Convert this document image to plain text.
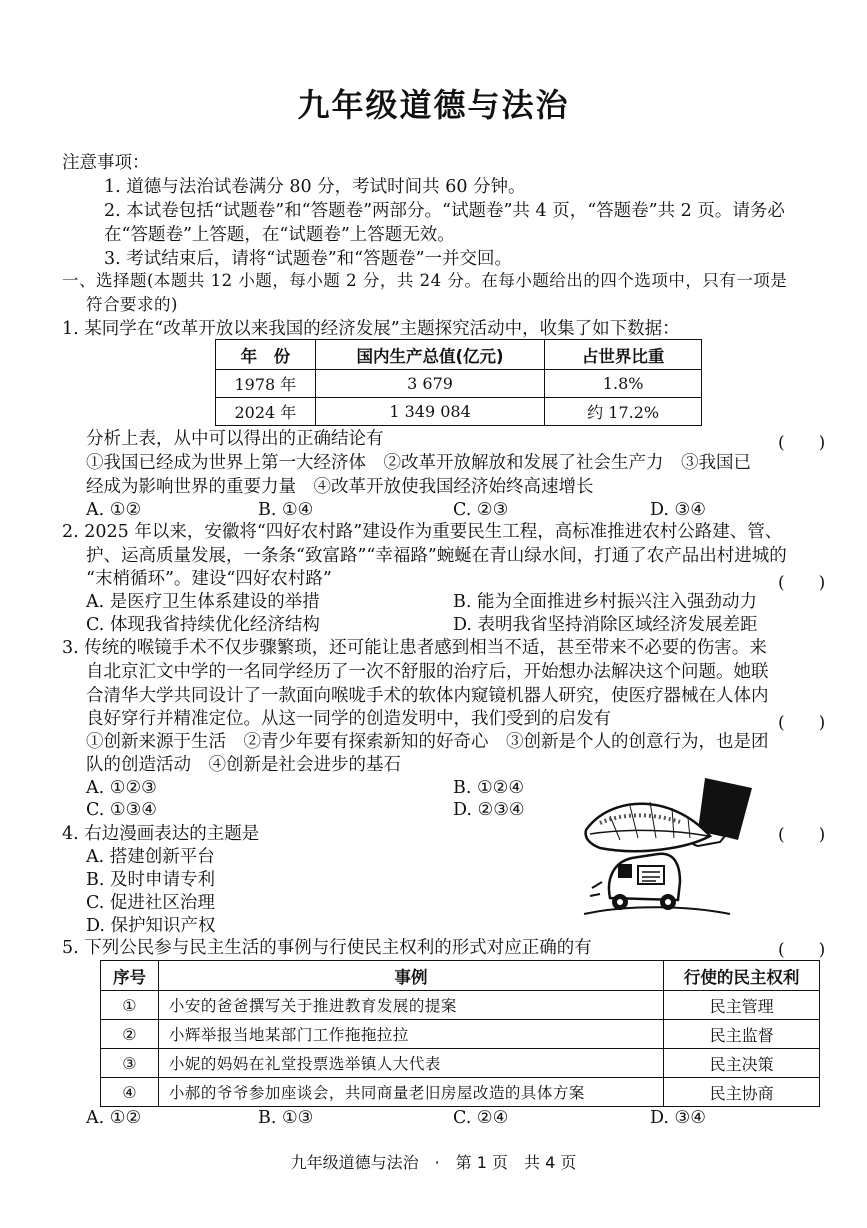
九年级道德与法治
注意事项：
1. 道德与法治试卷满分 80 分，考试时间共 60 分钟。
2. 本试卷包括“试题卷”和“答题卷”两部分。“试题卷”共 4 页，“答题卷”共 2 页。请务必
在“答题卷”上答题，在“试题卷”上答题无效。
3. 考试结束后，请将“试题卷”和“答题卷”一并交回。
一、选择题(本题共 12 小题，每小题 2 分，共 24 分。在每小题给出的四个选项中，只有一项是
符合要求的)
1. 某同学在“改革开放以来我国的经济发展”主题探究活动中，收集了如下数据：
年　份	国内生产总值(亿元)	占世界比重
1978 年	3 679	1.8%
2024 年	1 349 084	约 17.2%
分析上表，从中可以得出的正确结论有	(　　)
①我国已经成为世界上第一大经济体　②改革开放解放和发展了社会生产力　③我国已
经成为影响世界的重要力量　④改革开放使我国经济始终高速增长
A. ①②	B. ①④	C. ②③	D. ③④
2. 2025 年以来，安徽将“四好农村路”建设作为重要民生工程，高标准推进农村公路建、管、
护、运高质量发展，一条条“致富路”“幸福路”蜿蜒在青山绿水间，打通了农产品出村进城的
“末梢循环”。建设“四好农村路”	(　　)
A. 是医疗卫生体系建设的举措	B. 能为全面推进乡村振兴注入强劲动力
C. 体现我省持续优化经济结构	D. 表明我省坚持消除区域经济发展差距
3. 传统的喉镜手术不仅步骤繁琐，还可能让患者感到相当不适，甚至带来不必要的伤害。来
自北京汇文中学的一名同学经历了一次不舒服的治疗后，开始想办法解决这个问题。她联
合清华大学共同设计了一款面向喉咙手术的软体内窥镜机器人研究，使医疗器械在人体内
良好穿行并精准定位。从这一同学的创造发明中，我们受到的启发有	(　　)
①创新来源于生活　②青少年要有探索新知的好奇心　③创新是个人的创意行为，也是团
队的创造活动　④创新是社会进步的基石
A. ①②③	B. ①②④
C. ①③④	D. ②③④
4. 右边漫画表达的主题是	(　　)
A. 搭建创新平台
B. 及时申请专利
C. 促进社区治理
D. 保护知识产权
5. 下列公民参与民主生活的事例与行使民主权利的形式对应正确的有	(　　)
序号	事例	行使的民主权利
①	小安的爸爸撰写关于推进教育发展的提案	民主管理
②	小辉举报当地某部门工作拖拖拉拉	民主监督
③	小妮的妈妈在礼堂投票选举镇人大代表	民主决策
④	小郝的爷爷参加座谈会，共同商量老旧房屋改造的具体方案	民主协商
A. ①②	B. ①③	C. ②④	D. ③④
九年级道德与法治　·　第 1 页　共 4 页
